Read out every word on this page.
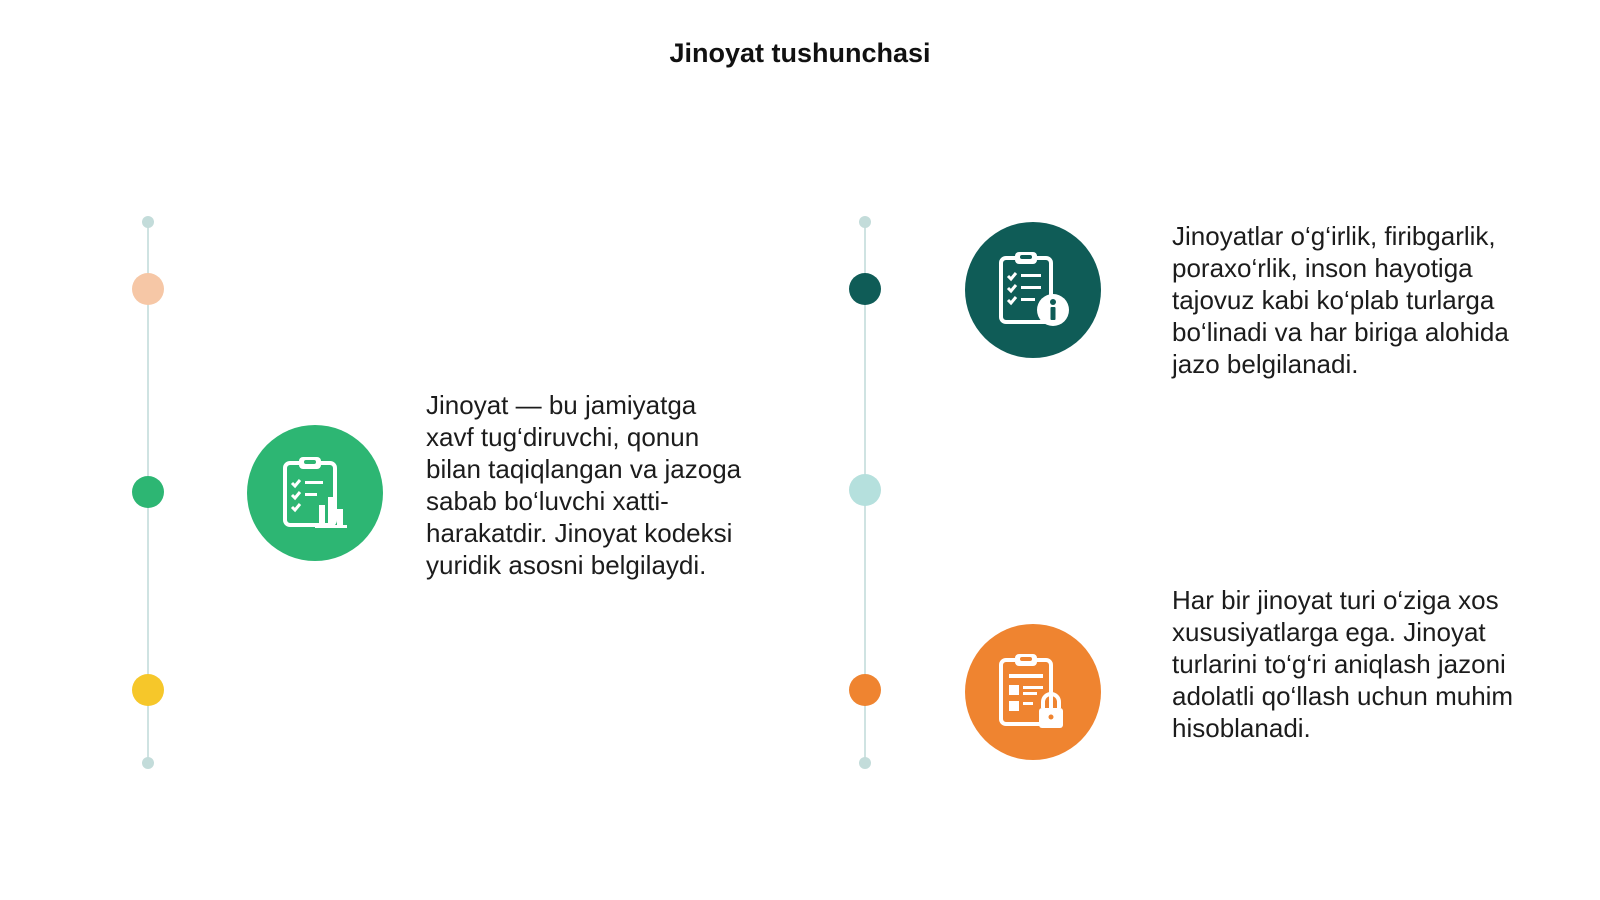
Jinoyat tushunchasi
Jinoyat — bu jamiyatga xavf tug‘diruvchi, qonun bilan taqiqlangan va jazoga sabab bo‘luvchi xatti-harakatdir. Jinoyat kodeksi yuridik asosni belgilaydi.
Jinoyatlar o‘g‘irlik, firibgarlik, poraxo‘rlik, inson hayotiga tajovuz kabi ko‘plab turlarga bo‘linadi va har biriga alohida jazo belgilanadi.
Har bir jinoyat turi o‘ziga xos xususiyatlarga ega. Jinoyat turlarini to‘g‘ri aniqlash jazoni adolatli qo‘llash uchun muhim hisoblanadi.
